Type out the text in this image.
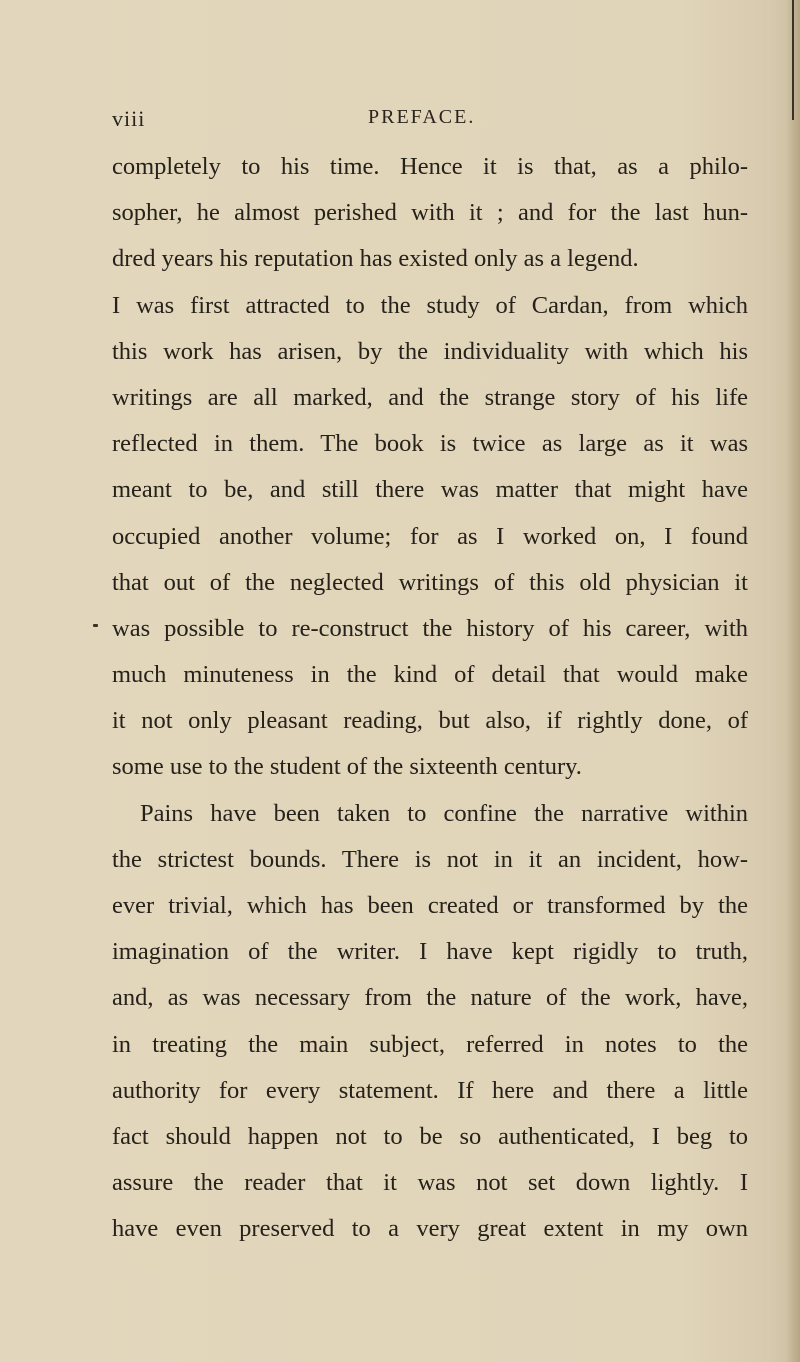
viii	PREFACE.
completely to his time. Hence it is that, as a philo-
sopher, he almost perished with it ; and for the last hun-
dred years his reputation has existed only as a legend.
I was first attracted to the study of Cardan, from which
this work has arisen, by the individuality with which his
writings are all marked, and the strange story of his life
reflected in them. The book is twice as large as it was
meant to be, and still there was matter that might have
occupied another volume; for as I worked on, I found
that out of the neglected writings of this old physician it
was possible to re-construct the history of his career, with
much minuteness in the kind of detail that would make
it not only pleasant reading, but also, if rightly done, of
some use to the student of the sixteenth century.
Pains have been taken to confine the narrative within
the strictest bounds. There is not in it an incident, how-
ever trivial, which has been created or transformed by the
imagination of the writer. I have kept rigidly to truth,
and, as was necessary from the nature of the work, have,
in treating the main subject, referred in notes to the
authority for every statement. If here and there a little
fact should happen not to be so authenticated, I beg to
assure the reader that it was not set down lightly. I
have even preserved to a very great extent in my own
